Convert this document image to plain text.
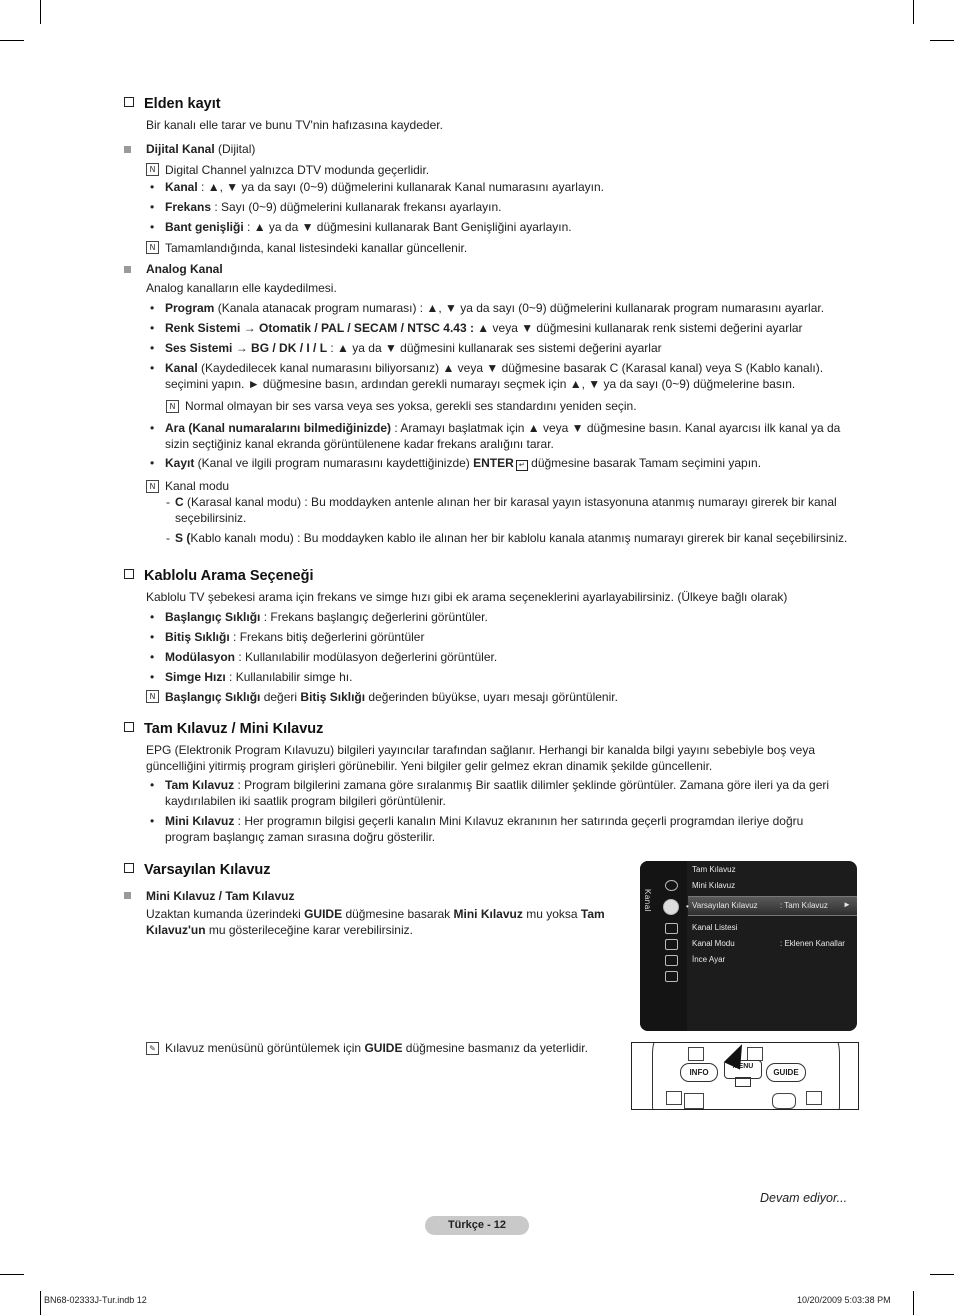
Elden kayıt
Bir kanalı elle tarar ve bunu TV'nin hafızasına kaydeder.
Dijital Kanal (Dijital)
N Digital Channel yalnızca DTV modunda geçerlidir.
• Kanal : ▲, ▼ ya da sayı (0~9) düğmelerini kullanarak Kanal numarasını ayarlayın.
• Frekans : Sayı (0~9) düğmelerini kullanarak frekansı ayarlayın.
• Bant genişliği : ▲ ya da ▼ düğmesini kullanarak Bant Genişliğini ayarlayın.
N Tamamlandığında, kanal listesindeki kanallar güncellenir.
Analog Kanal
Analog kanalların elle kaydedilmesi.
• Program (Kanala atanacak program numarası) : ▲, ▼ ya da sayı (0~9) düğmelerini kullanarak program numarasını ayarlar.
• Renk Sistemi → Otomatik / PAL / SECAM / NTSC 4.43 : ▲ veya ▼ düğmesini kullanarak renk sistemi değerini ayarlar
• Ses Sistemi → BG / DK / I / L : ▲ ya da ▼ düğmesini kullanarak ses sistemi değerini ayarlar
• Kanal (Kaydedilecek kanal numarasını biliyorsanız) ▲ veya ▼ düğmesine basarak C (Karasal kanal) veya S (Kablo kanalı).
seçimini yapın. ► düğmesine basın, ardından gerekli numarayı seçmek için ▲, ▼ ya da sayı (0~9) düğmelerine basın.
N Normal olmayan bir ses varsa veya ses yoksa, gerekli ses standardını yeniden seçin.
• Ara (Kanal numaralarını bilmediğinizde) : Aramayı başlatmak için ▲ veya ▼ düğmesine basın. Kanal ayarcısı ilk kanal ya da
sizin seçtiğiniz kanal ekranda görüntülenene kadar frekans aralığını tarar.
• Kayıt (Kanal ve ilgili program numarasını kaydettiğinizde) ENTER ↵ düğmesine basarak Tamam seçimini yapın.
N Kanal modu
- C (Karasal kanal modu) : Bu moddayken antenle alınan her bir karasal yayın istasyonuna atanmış numarayı girerek bir kanal
seçebilirsiniz.
- S (Kablo kanalı modu) : Bu moddayken kablo ile alınan her bir kablolu kanala atanmış numarayı girerek bir kanal seçebilirsiniz.
Kablolu Arama Seçeneği
Kablolu TV şebekesi arama için frekans ve simge hızı gibi ek arama seçeneklerini ayarlayabilirsiniz. (Ülkeye bağlı olarak)
• Başlangıç Sıklığı : Frekans başlangıç değerlerini görüntüler.
• Bitiş Sıklığı : Frekans bitiş değerlerini görüntüler
• Modülasyon : Kullanılabilir modülasyon değerlerini görüntüler.
• Simge Hızı : Kullanılabilir simge hı.
N Başlangıç Sıklığı değeri Bitiş Sıklığı değerinden büyükse, uyarı mesajı görüntülenir.
Tam Kılavuz / Mini Kılavuz
EPG (Elektronik Program Kılavuzu) bilgileri yayıncılar tarafından sağlanır. Herhangi bir kanalda bilgi yayını sebebiyle boş veya
güncelliğini yitirmiş program girişleri görünebilir. Yeni bilgiler gelir gelmez ekran dinamik şekilde güncellenir.
• Tam Kılavuz : Program bilgilerini zamana göre sıralanmış Bir saatlik dilimler şeklinde görüntüler. Zamana göre ileri ya da geri
kaydırılabilen iki saatlik program bilgileri görüntülenir.
• Mini Kılavuz : Her programın bilgisi geçerli kanalın Mini Kılavuz ekranının her satırında geçerli programdan ileriye doğru
program başlangıç zaman sırasına doğru gösterilir.
Varsayılan Kılavuz
Mini Kılavuz / Tam Kılavuz
Uzaktan kumanda üzerindeki GUIDE düğmesine basarak Mini Kılavuz mu yoksa Tam
Kılavuz'un mu gösterileceğine karar verebilirsiniz.
✎ Kılavuz menüsünü görüntülemek için GUIDE düğmesine basmanız da yeterlidir.
Kanal
Tam Kılavuz
Mini Kılavuz
• Varsayılan Kılavuz	: Tam Kılavuz ►
Kanal Listesi
Kanal Modu	: Eklenen Kanallar
İnce Ayar
INFO
MENU
GUIDE
Devam ediyor...
Türkçe - 12
BN68-02333J-Tur.indb 12	10/20/2009 5:03:38 PM
